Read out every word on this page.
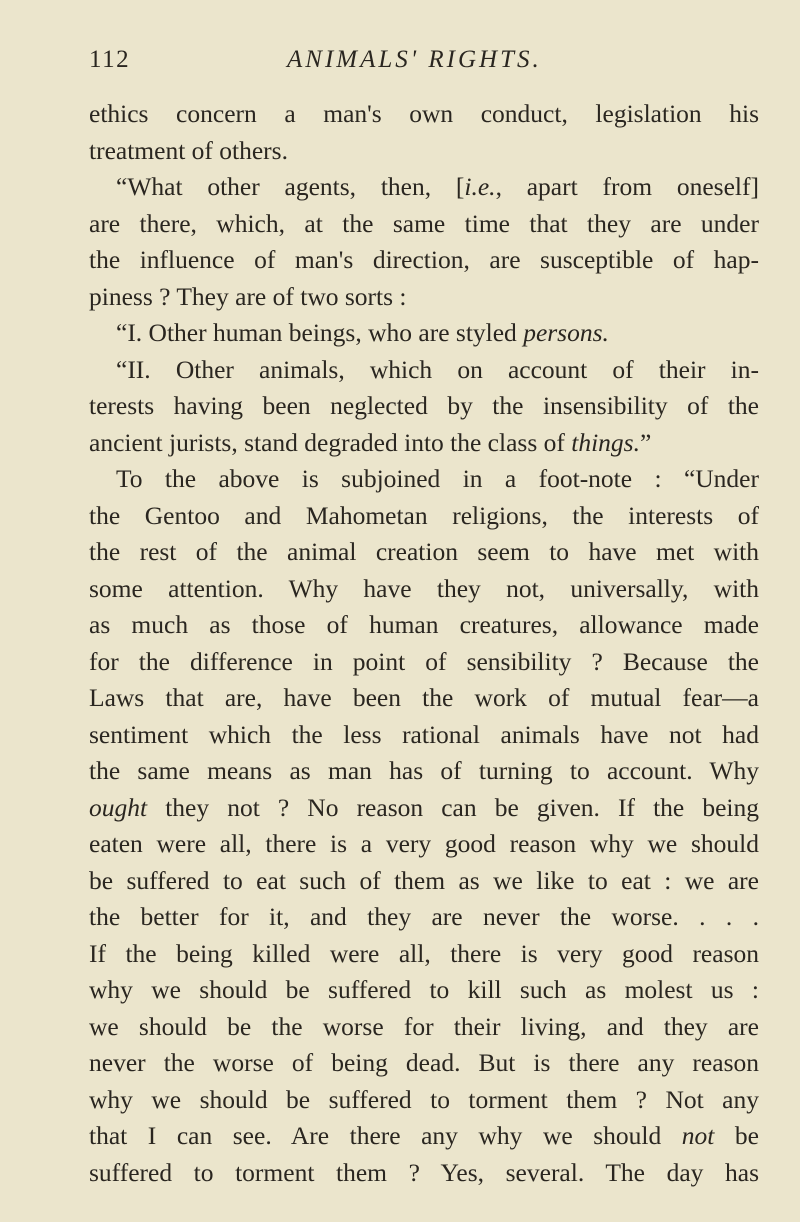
112	ANIMALS' RIGHTS.
ethics concern a man's own conduct, legislation his
treatment of others.
“What other agents, then, [i.e., apart from oneself]
are there, which, at the same time that they are under
the influence of man's direction, are susceptible of hap-
piness ? They are of two sorts :
“I. Other human beings, who are styled persons.
“II. Other animals, which on account of their in-
terests having been neglected by the insensibility of the
ancient jurists, stand degraded into the class of things.”
To the above is subjoined in a foot-note : “Under
the Gentoo and Mahometan religions, the interests of
the rest of the animal creation seem to have met with
some attention. Why have they not, universally, with
as much as those of human creatures, allowance made
for the difference in point of sensibility ? Because the
Laws that are, have been the work of mutual fear—a
sentiment which the less rational animals have not had
the same means as man has of turning to account. Why
ought they not ? No reason can be given. If the being
eaten were all, there is a very good reason why we should
be suffered to eat such of them as we like to eat : we are
the better for it, and they are never the worse. . . .
If the being killed were all, there is very good reason
why we should be suffered to kill such as molest us :
we should be the worse for their living, and they are
never the worse of being dead. But is there any reason
why we should be suffered to torment them ? Not any
that I can see. Are there any why we should not be
suffered to torment them ? Yes, several. The day has
